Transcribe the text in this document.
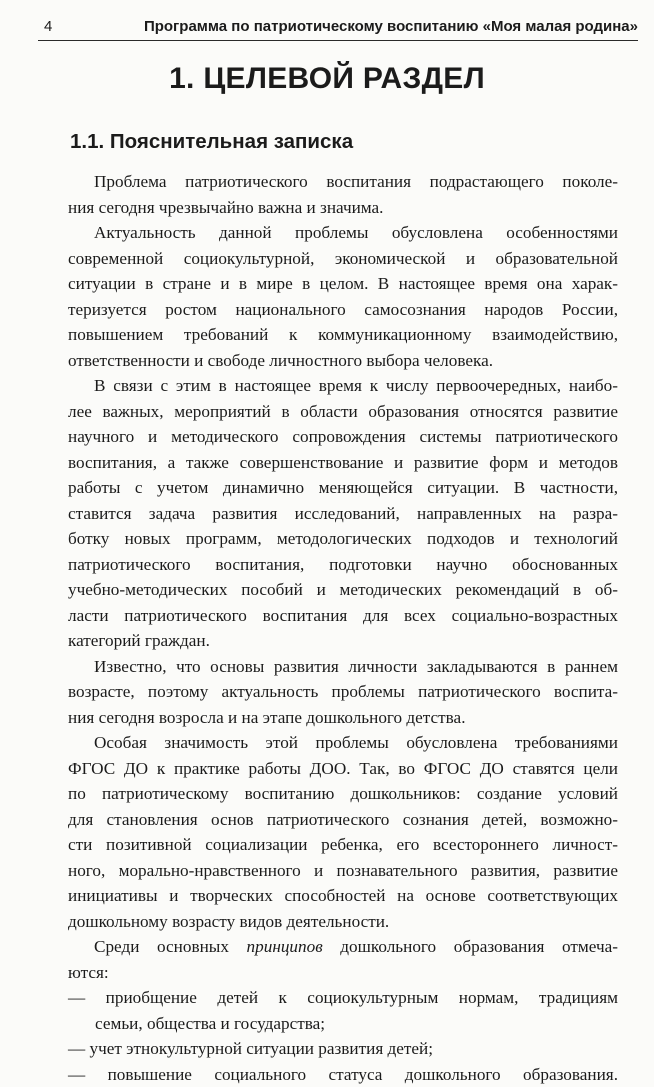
4	Программа по патриотическому воспитанию «Моя малая родина»
1. ЦЕЛЕВОЙ РАЗДЕЛ
1.1. Пояснительная записка
Проблема патриотического воспитания подрастающего поколе-
ния сегодня чрезвычайно важна и значима.
Актуальность данной проблемы обусловлена особенностями
современной социокультурной, экономической и образовательной
ситуации в стране и в мире в целом. В настоящее время она харак-
теризуется ростом национального самосознания народов России,
повышением требований к коммуникационному взаимодействию,
ответственности и свободе личностного выбора человека.
В связи с этим в настоящее время к числу первоочередных, наибо-
лее важных, мероприятий в области образования относятся развитие
научного и методического сопровождения системы патриотического
воспитания, а также совершенствование и развитие форм и методов
работы с учетом динамично меняющейся ситуации. В частности,
ставится задача развития исследований, направленных на разра-
ботку новых программ, методологических подходов и технологий
патриотического воспитания, подготовки научно обоснованных
учебно-методических пособий и методических рекомендаций в об-
ласти патриотического воспитания для всех социально-возрастных
категорий граждан.
Известно, что основы развития личности закладываются в раннем
возрасте, поэтому актуальность проблемы патриотического воспита-
ния сегодня возросла и на этапе дошкольного детства.
Особая значимость этой проблемы обусловлена требованиями
ФГОС ДО к практике работы ДОО. Так, во ФГОС ДО ставятся цели
по патриотическому воспитанию дошкольников: создание условий
для становления основ патриотического сознания детей, возможно-
сти позитивной социализации ребенка, его всестороннего личност-
ного, морально-нравственного и познавательного развития, развитие
инициативы и творческих способностей на основе соответствующих
дошкольному возрасту видов деятельности.
Среди основных принципов дошкольного образования отмеча-
ются:
— приобщение детей к социокультурным нормам, традициям
семьи, общества и государства;
— учет этнокультурной ситуации развития детей;
— повышение социального статуса дошкольного образования.
